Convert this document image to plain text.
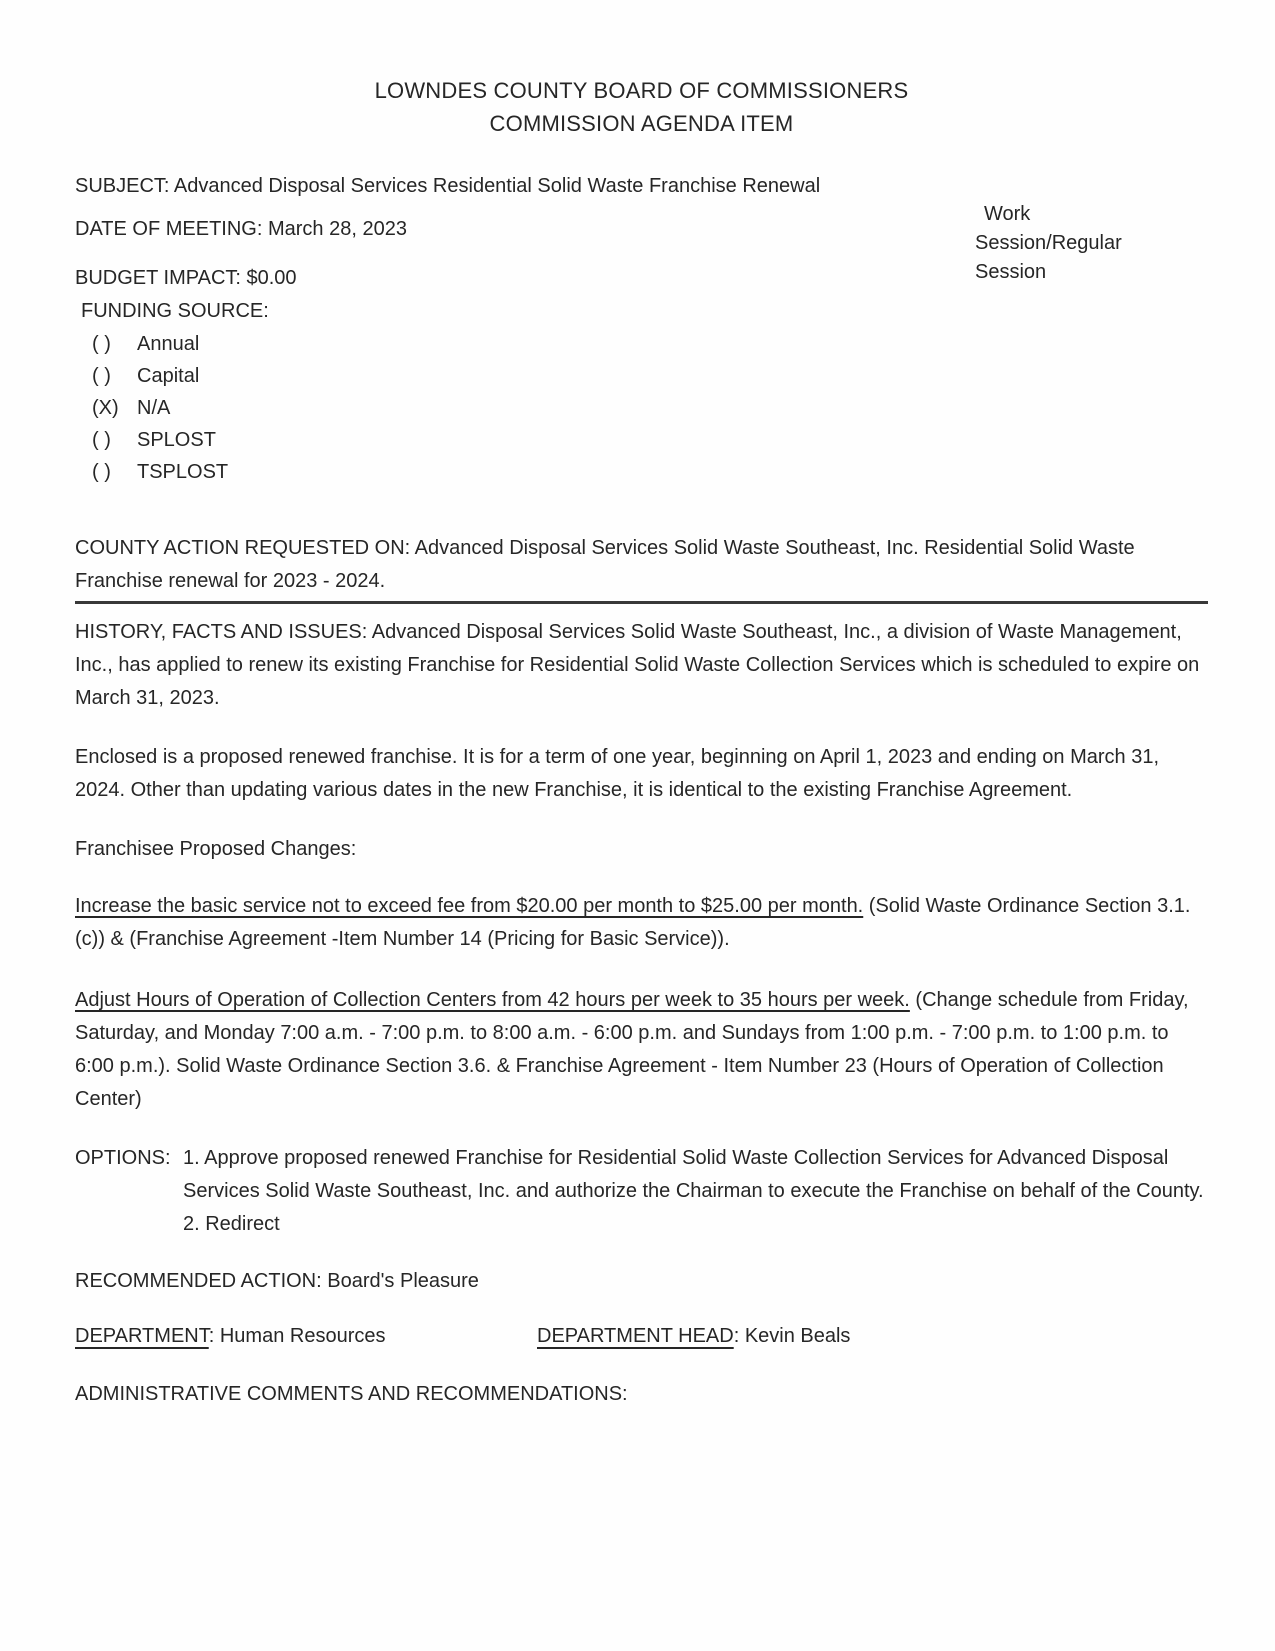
LOWNDES COUNTY BOARD OF COMMISSIONERS
COMMISSION AGENDA ITEM
SUBJECT: Advanced Disposal Services Residential Solid Waste Franchise Renewal
DATE OF MEETING: March 28, 2023
Work
Session/Regular
Session
BUDGET IMPACT: $0.00
FUNDING SOURCE:
( ) Annual
( ) Capital
(X) N/A
( ) SPLOST
( ) TSPLOST
COUNTY ACTION REQUESTED ON: Advanced Disposal Services Solid Waste Southeast, Inc. Residential Solid Waste Franchise renewal for 2023 - 2024.
HISTORY, FACTS AND ISSUES: Advanced Disposal Services Solid Waste Southeast, Inc., a division of Waste Management, Inc., has applied to renew its existing Franchise for Residential Solid Waste Collection Services which is scheduled to expire on March 31, 2023.
Enclosed is a proposed renewed franchise. It is for a term of one year, beginning on April 1, 2023 and ending on March 31, 2024. Other than updating various dates in the new Franchise, it is identical to the existing Franchise Agreement.
Franchisee Proposed Changes:
Increase the basic service not to exceed fee from $20.00 per month to $25.00 per month. (Solid Waste Ordinance Section 3.1.(c)) & (Franchise Agreement -Item Number 14 (Pricing for Basic Service)).
Adjust Hours of Operation of Collection Centers from 42 hours per week to 35 hours per week. (Change schedule from Friday, Saturday, and Monday 7:00 a.m. - 7:00 p.m. to 8:00 a.m. - 6:00 p.m. and Sundays from 1:00 p.m. - 7:00 p.m. to 1:00 p.m. to 6:00 p.m.). Solid Waste Ordinance Section 3.6. & Franchise Agreement - Item Number 23 (Hours of Operation of Collection Center)
OPTIONS: 1. Approve proposed renewed Franchise for Residential Solid Waste Collection Services for Advanced Disposal Services Solid Waste Southeast, Inc. and authorize the Chairman to execute the Franchise on behalf of the County.
2. Redirect
RECOMMENDED ACTION: Board's Pleasure
DEPARTMENT: Human Resources	DEPARTMENT HEAD: Kevin Beals
ADMINISTRATIVE COMMENTS AND RECOMMENDATIONS:
